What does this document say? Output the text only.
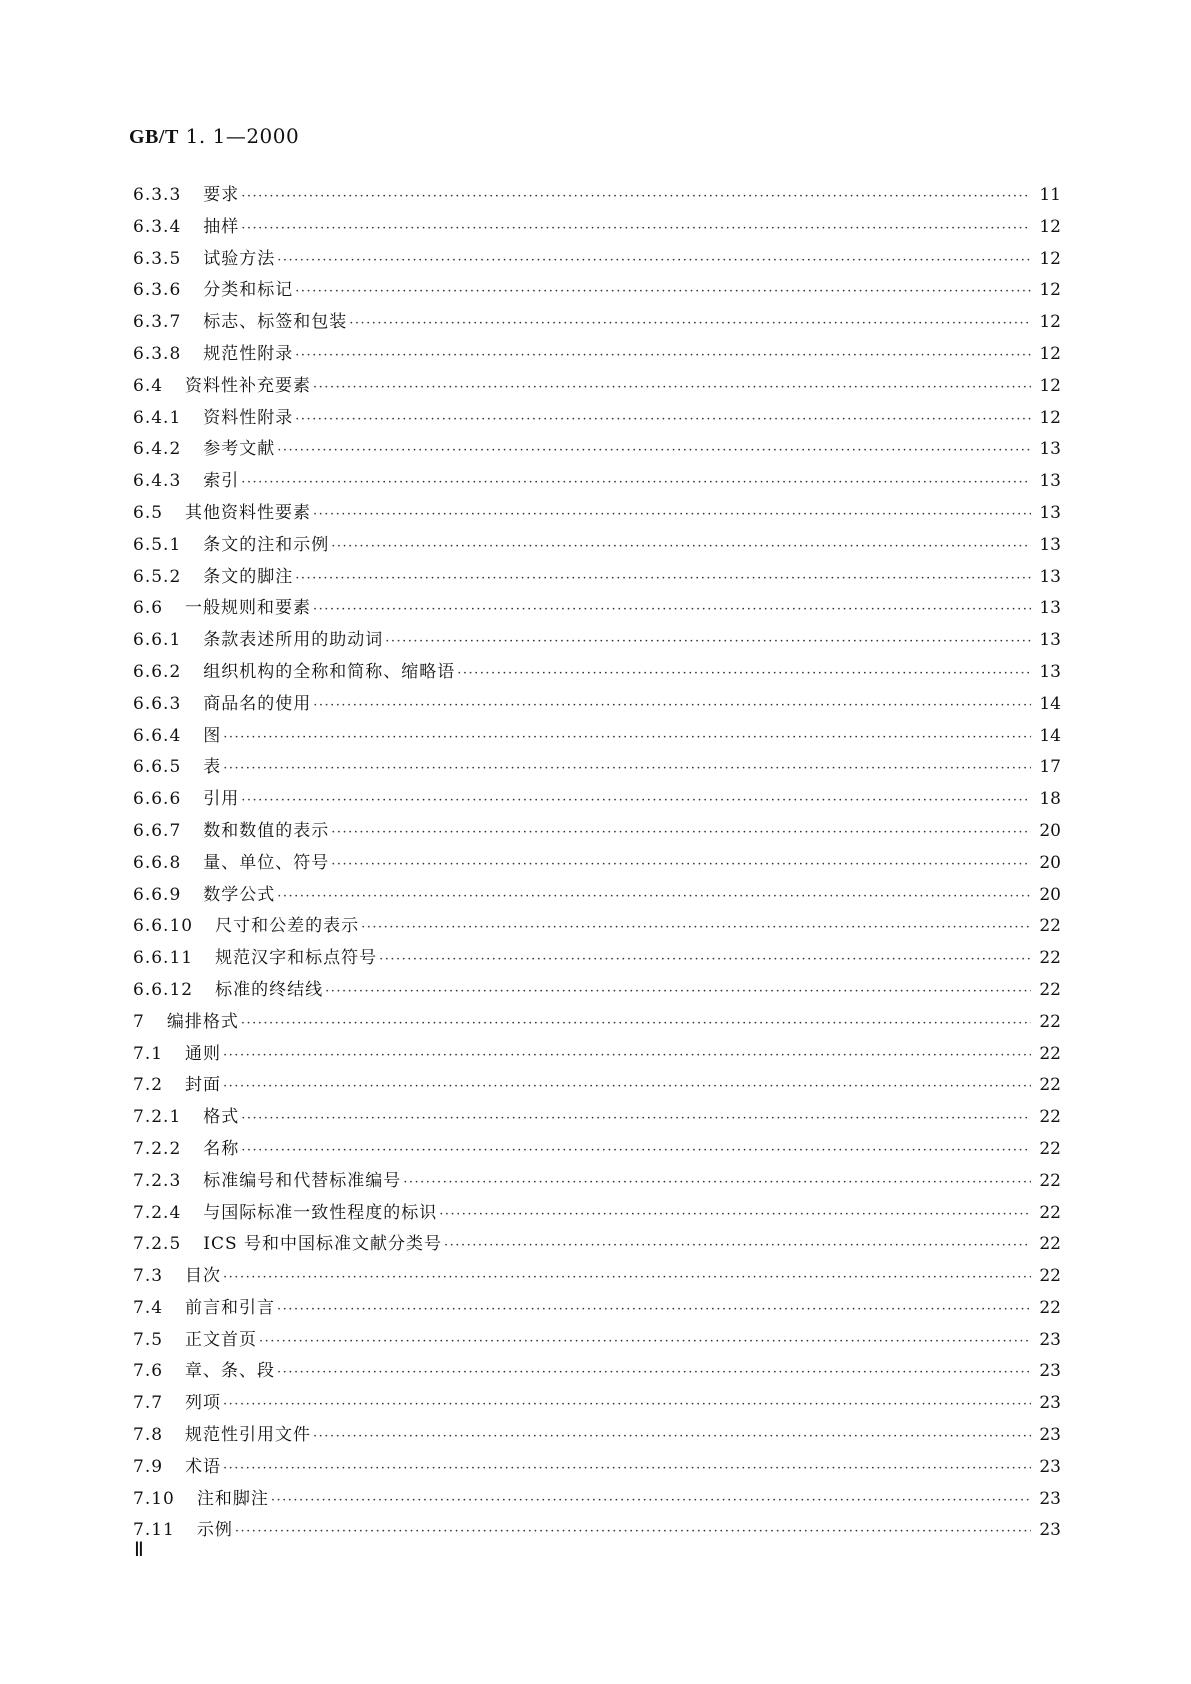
GB/T 1. 1—2000
6.3.3 要求 ·····	11
6.3.4 抽样 ·····	12
6.3.5 试验方法 ·····	12
6.3.6 分类和标记 ·····	12
6.3.7 标志、标签和包装 ·····	12
6.3.8 规范性附录 ·····	12
6.4 资料性补充要素 ·····	12
6.4.1 资料性附录 ·····	12
6.4.2 参考文献 ·····	13
6.4.3 索引 ·····	13
6.5 其他资料性要素 ·····	13
6.5.1 条文的注和示例 ·····	13
6.5.2 条文的脚注 ·····	13
6.6 一般规则和要素 ·····	13
6.6.1 条款表述所用的助动词 ·····	13
6.6.2 组织机构的全称和简称、缩略语 ·····	13
6.6.3 商品名的使用 ·····	14
6.6.4 图 ·····	14
6.6.5 表 ·····	17
6.6.6 引用 ·····	18
6.6.7 数和数值的表示 ·····	20
6.6.8 量、单位、符号 ·····	20
6.6.9 数学公式 ·····	20
6.6.10 尺寸和公差的表示 ·····	22
6.6.11 规范汉字和标点符号 ·····	22
6.6.12 标准的终结线 ·····	22
7 编排格式 ·····	22
7.1 通则 ·····	22
7.2 封面 ·····	22
7.2.1 格式 ·····	22
7.2.2 名称 ·····	22
7.2.3 标准编号和代替标准编号 ·····	22
7.2.4 与国际标准一致性程度的标识 ·····	22
7.2.5 ICS 号和中国标准文献分类号 ·····	22
7.3 目次 ·····	22
7.4 前言和引言 ·····	22
7.5 正文首页 ·····	23
7.6 章、条、段 ·····	23
7.7 列项 ·····	23
7.8 规范性引用文件 ·····	23
7.9 术语 ·····	23
7.10 注和脚注 ·····	23
7.11 示例 ·····	23
Ⅱ
